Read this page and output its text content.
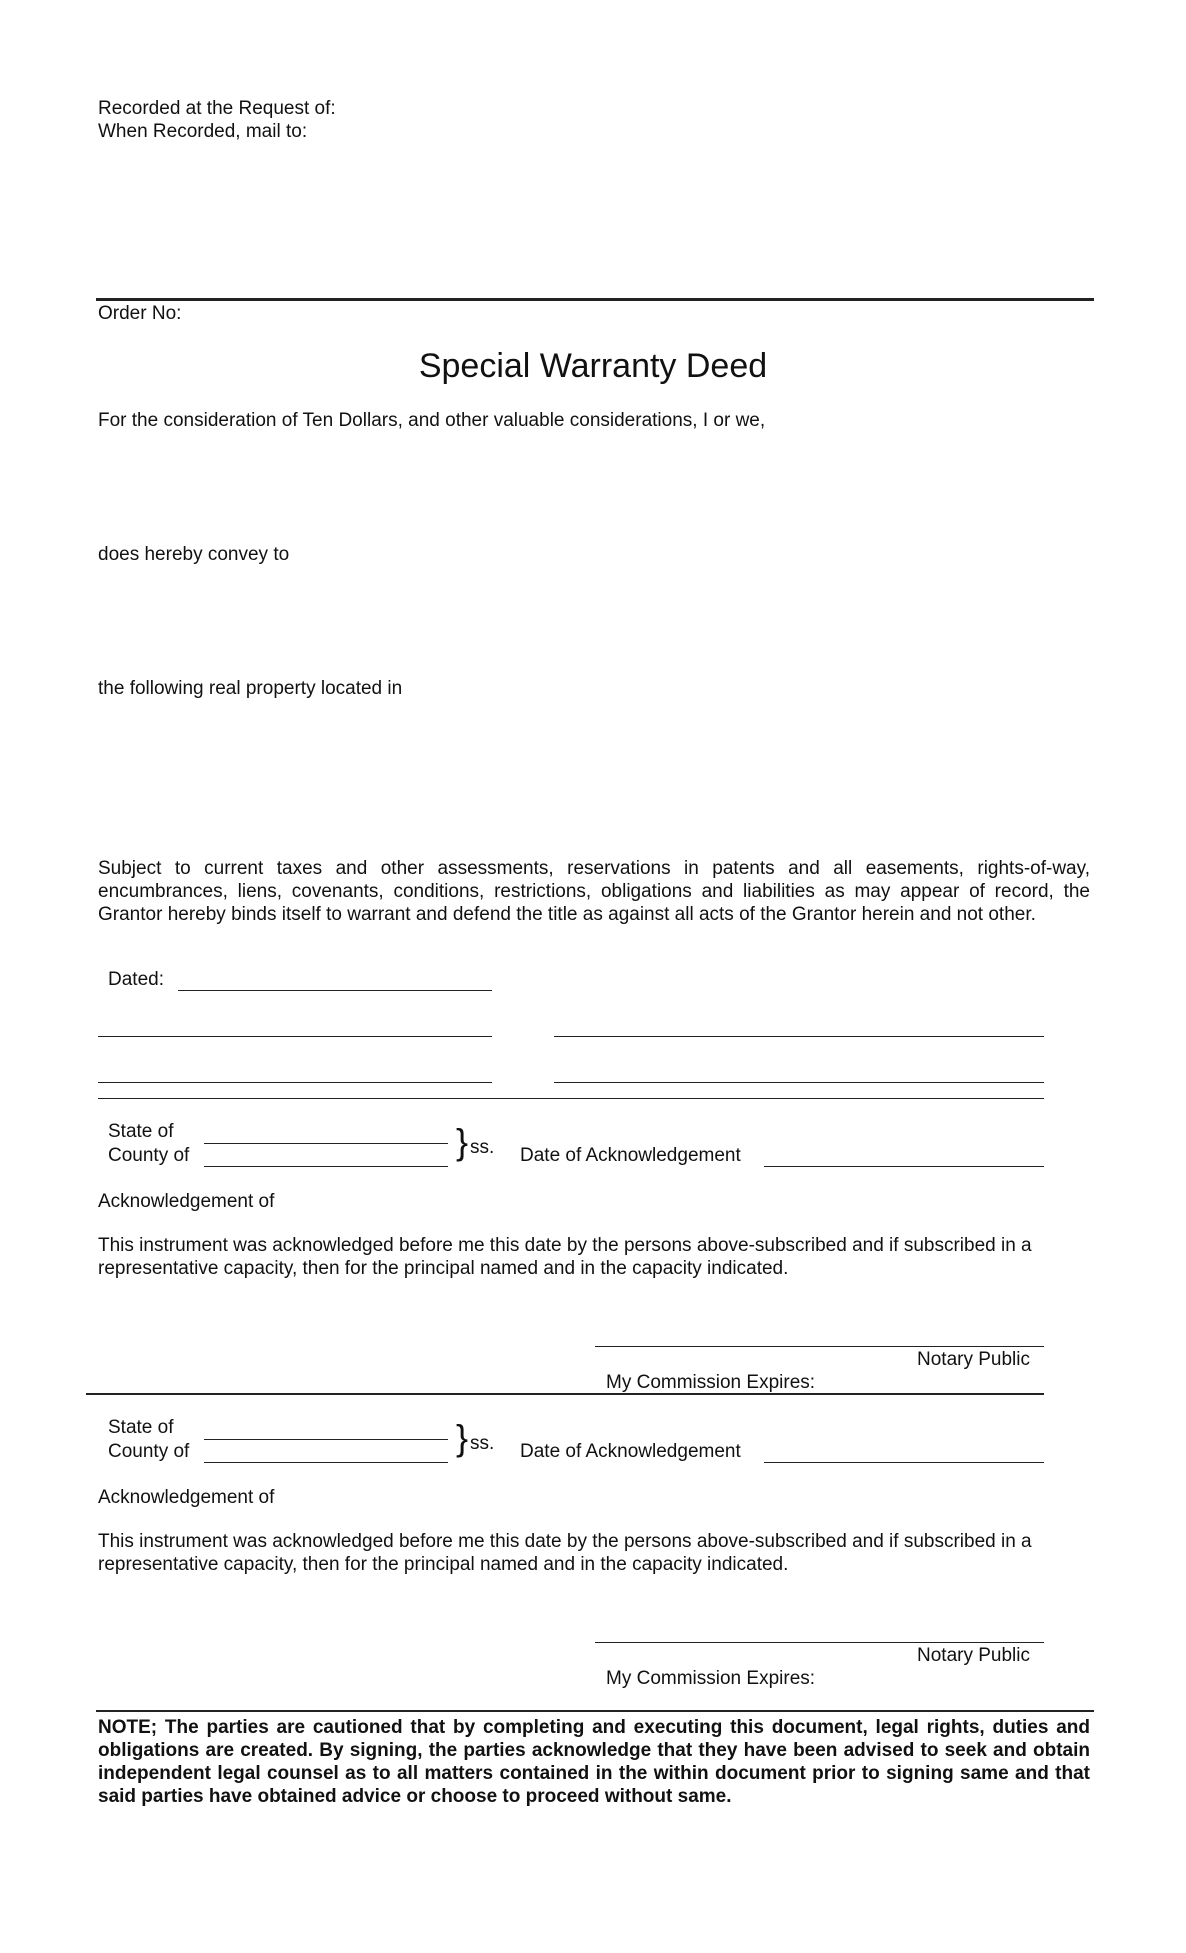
Recorded at the Request of:
When Recorded, mail to:
Order No:
Special Warranty Deed
For the consideration of Ten Dollars, and other valuable considerations, I or we,
does hereby convey to
the following real property located in
Subject to current taxes and other assessments, reservations in patents and all easements, rights-of-way, encumbrances, liens, covenants, conditions, restrictions, obligations and liabilities as may appear of record, the Grantor hereby binds itself to warrant and defend the title as against all acts of the Grantor herein and not other.
Dated:
State of
County of	} ss. Date of Acknowledgement
Acknowledgement of
This instrument was acknowledged before me this date by the persons above-subscribed and if subscribed in a representative capacity, then for the principal named and in the capacity indicated.
Notary Public
My Commission Expires:
State of
County of	} ss. Date of Acknowledgement
Acknowledgement of
This instrument was acknowledged before me this date by the persons above-subscribed and if subscribed in a representative capacity, then for the principal named and in the capacity indicated.
Notary Public
My Commission Expires:
NOTE; The parties are cautioned that by completing and executing this document, legal rights, duties and obligations are created. By signing, the parties acknowledge that they have been advised to seek and obtain independent legal counsel as to all matters contained in the within document prior to signing same and that said parties have obtained advice or choose to proceed without same.
